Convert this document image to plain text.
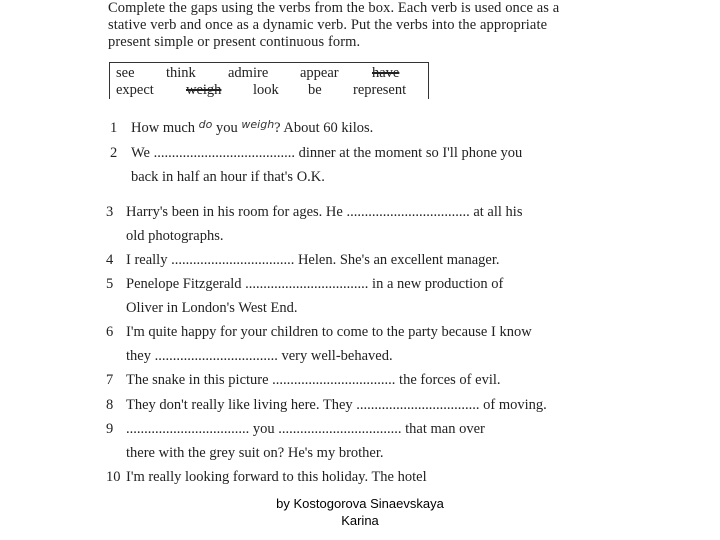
Complete the gaps using the verbs from the box. Each verb is used once as a
stative verb and once as a dynamic verb. Put the verbs into the appropriate
present simple or present continuous form.
see think admire appear have
expect weigh look be represent
1 How much $^{do}$ you $^{weigh}$? About 60 kilos.
2 We ....................................... dinner at the moment so I'll phone you
back in half an hour if that's O.K.
3 Harry's been in his room for ages. He .................................. at all his
old photographs.
4 I really .................................. Helen. She's an excellent manager.
5 Penelope Fitzgerald .................................. in a new production of
Oliver in London's West End.
6 I'm quite happy for your children to come to the party because I know
they .................................. very well-behaved.
7 The snake in this picture .................................. the forces of evil.
8 They don't really like living here. They .................................. of moving.
9 .................................. you .................................. that man over
there with the grey suit on? He's my brother.
10 I'm really looking forward to this holiday. The hotel
by Kostogorova Sinaevskaya
Karina
